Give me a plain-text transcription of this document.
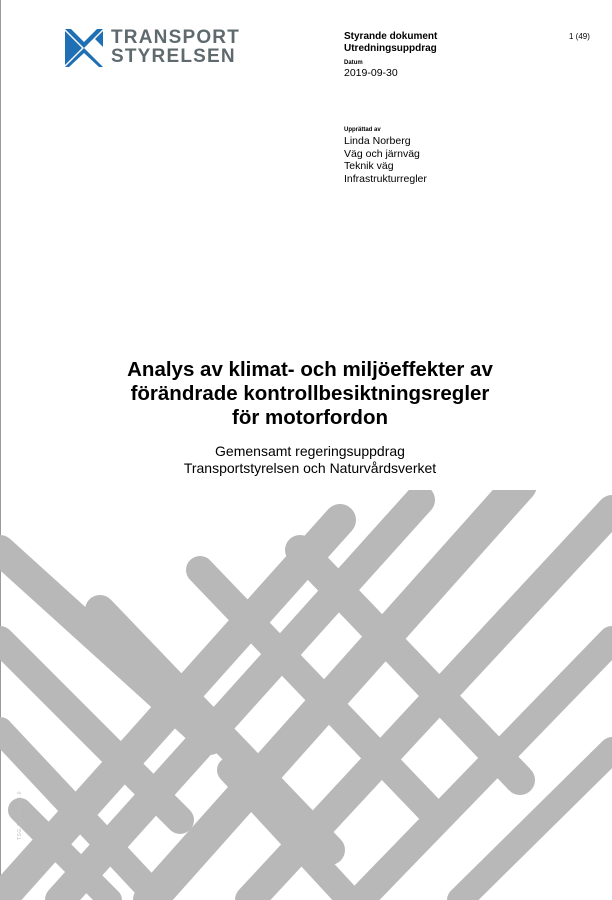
TRANSPORT
STYRELSEN
Styrande dokument
Utredningsuppdrag
Datum
2019-09-30
1 (49)
Upprättad av
Linda Norberg
Väg och järnväg
Teknik väg
Infrastrukturregler
Analys av klimat- och miljöeffekter av
förändrade kontrollbesiktningsregler
för motorfordon
Gemensamt regeringsuppdrag
Transportstyrelsen och Naturvårdsverket
TSG 2019-02 v1.0
